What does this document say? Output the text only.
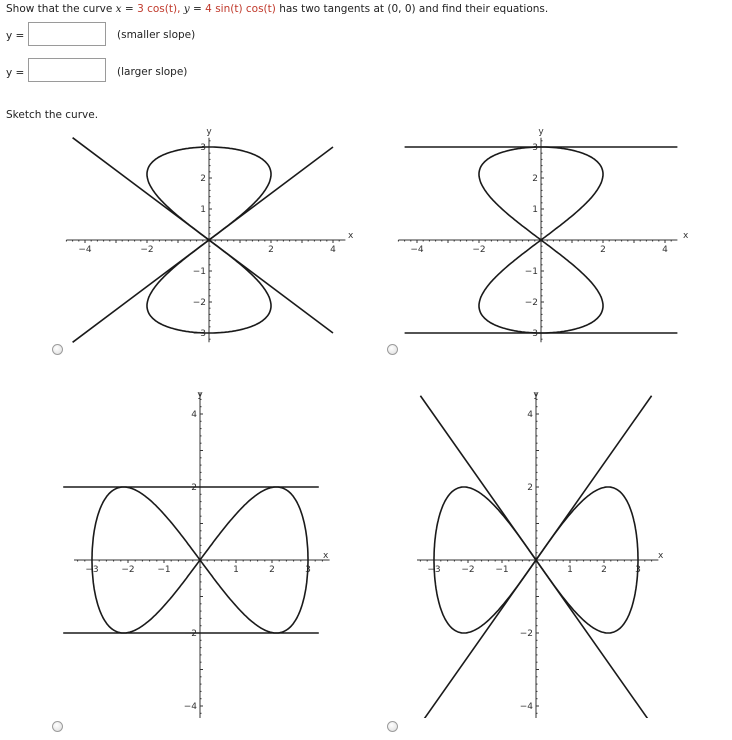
Show that the curve x = 3 cos(t), y = 4 sin(t) cos(t) has two tangents at (0, 0) and find their equations.
y =	(smaller slope)
y =	(larger slope)
Sketch the curve.
−4	−2	2	4
−3
−2
−1
1
2
3
x
y
−4	−2	2	4
−3
−2
−1
1
2
3
x
y
−3	−2	−1	1	2	3
−4
−2
2
4
x
y
−3 −2 −1	1	2	3
−4
−2
2
4
x
y
